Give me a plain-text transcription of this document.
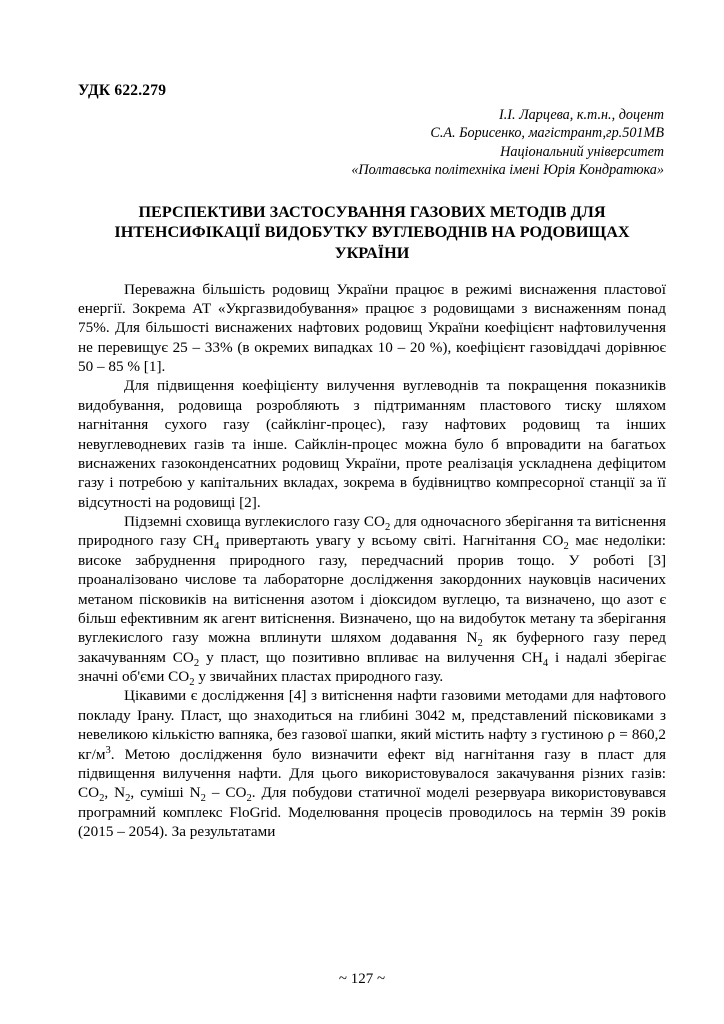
УДК 622.279
І.І. Ларцева, к.т.н., доцент
С.А. Борисенко, магістрант,гр.501МВ
Національний університет
«Полтавська політехніка імені Юрія Кондратюка»
ПЕРСПЕКТИВИ ЗАСТОСУВАННЯ ГАЗОВИХ МЕТОДІВ ДЛЯ ІНТЕНСИФІКАЦІЇ ВИДОБУТКУ ВУГЛЕВОДНІВ НА РОДОВИЩАХ УКРАЇНИ

Переважна більшість родовищ України працює в режимі виснаження пластової енергії. Зокрема АТ «Укргазвидобування» працює з родовищами з виснаженням понад 75%. Для більшості виснажених нафтових родовищ України коефіцієнт нафтовилучення не перевищує 25 – 33% (в окремих випадках 10 – 20 %), коефіцієнт газовіддачі дорівнює 50 – 85 % [1].

Для підвищення коефіцієнту вилучення вуглеводнів та покращення показників видобування, родовища розробляють з підтриманням пластового тиску шляхом нагнітання сухого газу (сайклінг-процес), газу нафтових родовищ та інших невуглеводневих газів та інше. Сайклін-процес можна було б впровадити на багатьох виснажених газоконденсатних родовищ України, проте реалізація ускладнена дефіцитом газу і потребою у капітальних вкладах, зокрема в будівництво компресорної станції за її відсутності на родовищі [2].

Підземні сховища вуглекислого газу $CO_2$ для одночасного зберігання та витіснення природного газу $CH_4$ привертають увагу у всьому світі. Нагнітання $CO_2$ має недоліки: високе забруднення природного газу, передчасний прорив тощо. У роботі [3] проаналізовано числове та лабораторне дослідження закордонних науковців насичених метаном пісковиків на витіснення азотом і діоксидом вуглецю, та визначено, що азот є більш ефективним як агент витіснення. Визначено, що на видобуток метану та зберігання вуглекислого газу можна вплинути шляхом додавання $N_2$ як буферного газу перед закачуванням $CO_2$ у пласт, що позитивно впливає на вилучення $CH_4$ і надалі зберігає значні об'єми $CO_2$ у звичайних пластах природного газу.

Цікавими є дослідження [4] з витіснення нафти газовими методами для нафтового покладу Ірану. Пласт, що знаходиться на глибині 3042 м, представлений пісковиками з невеликою кількістю вапняка, без газової шапки, який містить нафту з густиною ρ = 860,2 $кг/м^3$. Метою дослідження було визначити ефект від нагнітання газу в пласт для підвищення вилучення нафти. Для цього використовувалося закачування різних газів: $CO_2$, $N_2$, суміші $N_2 - CO_2$. Для побудови статичної моделі резервуара використовувався програмний комплекс FloGrid. Моделювання процесів проводилось на термін 39 років (2015 – 2054). За результатами

~ 127 ~
